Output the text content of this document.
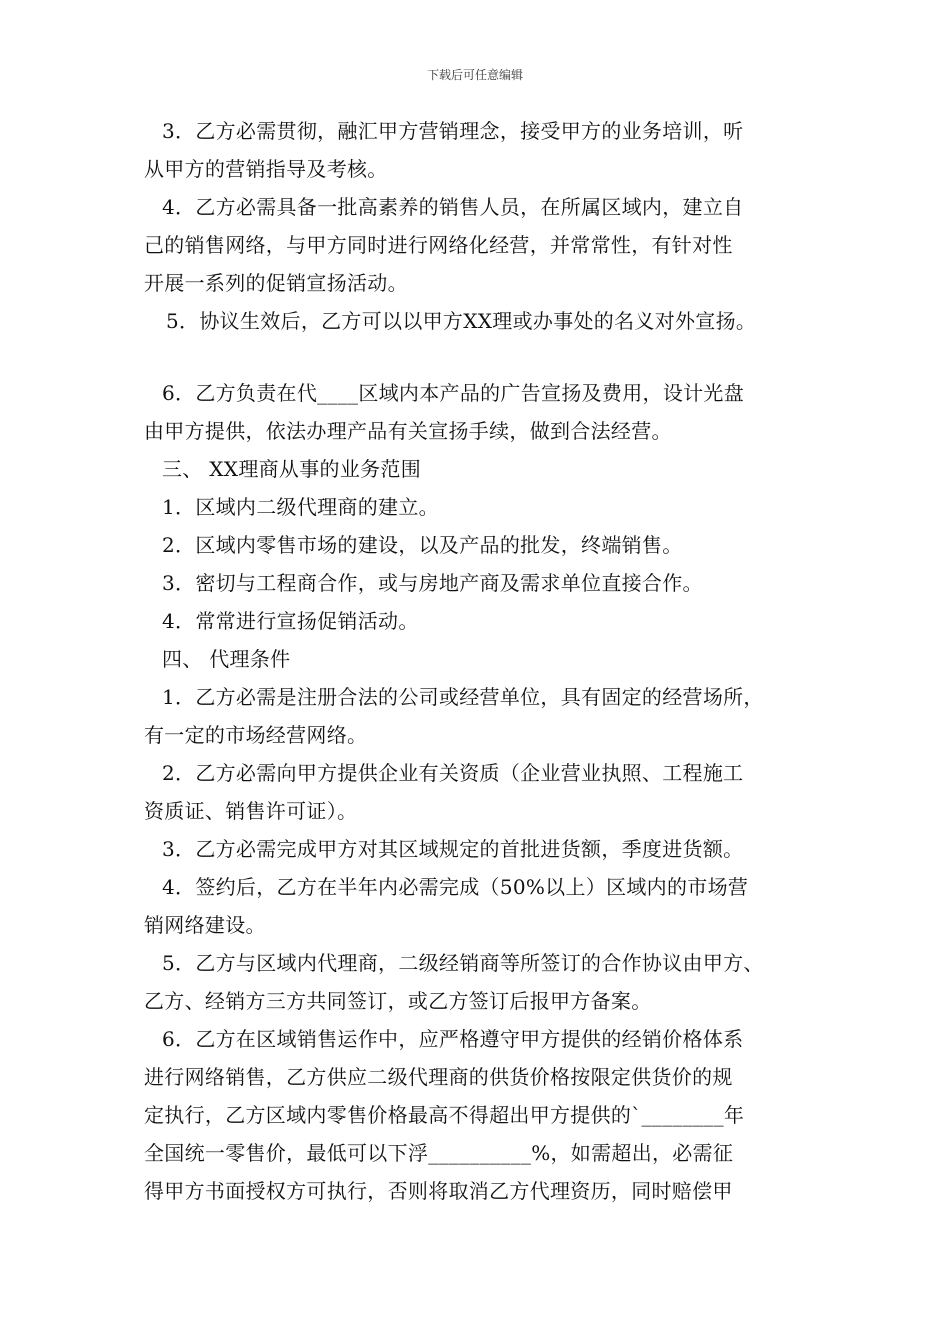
下载后可任意编辑
3．乙方必需贯彻，融汇甲方营销理念，接受甲方的业务培训，听
从甲方的营销指导及考核。
4．乙方必需具备一批高素养的销售人员，在所属区域内，建立自
己的销售网络，与甲方同时进行网络化经营，并常常性，有针对性
开展一系列的促销宣扬活动。
5．协议生效后，乙方可以以甲方XX理或办事处的名义对外宣扬。
6．乙方负责在代____区域内本产品的广告宣扬及费用，设计光盘
由甲方提供，依法办理产品有关宣扬手续，做到合法经营。
三、 XX理商从事的业务范围
1．区域内二级代理商的建立。
2．区域内零售市场的建设，以及产品的批发，终端销售。
3．密切与工程商合作，或与房地产商及需求单位直接合作。
4．常常进行宣扬促销活动。
四、 代理条件
1．乙方必需是注册合法的公司或经营单位，具有固定的经营场所，
有一定的市场经营网络。
2．乙方必需向甲方提供企业有关资质（企业营业执照、工程施工
资质证、销售许可证）。
3．乙方必需完成甲方对其区域规定的首批进货额，季度进货额。
4．签约后，乙方在半年内必需完成（50%以上）区域内的市场营
销网络建设。
5．乙方与区域内代理商，二级经销商等所签订的合作协议由甲方、
乙方、经销方三方共同签订，或乙方签订后报甲方备案。
6．乙方在区域销售运作中，应严格遵守甲方提供的经销价格体系
进行网络销售，乙方供应二级代理商的供货价格按限定供货价的规
定执行，乙方区域内零售价格最高不得超出甲方提供的`________年
全国统一零售价，最低可以下浮__________%，如需超出，必需征
得甲方书面授权方可执行，否则将取消乙方代理资历，同时赔偿甲
